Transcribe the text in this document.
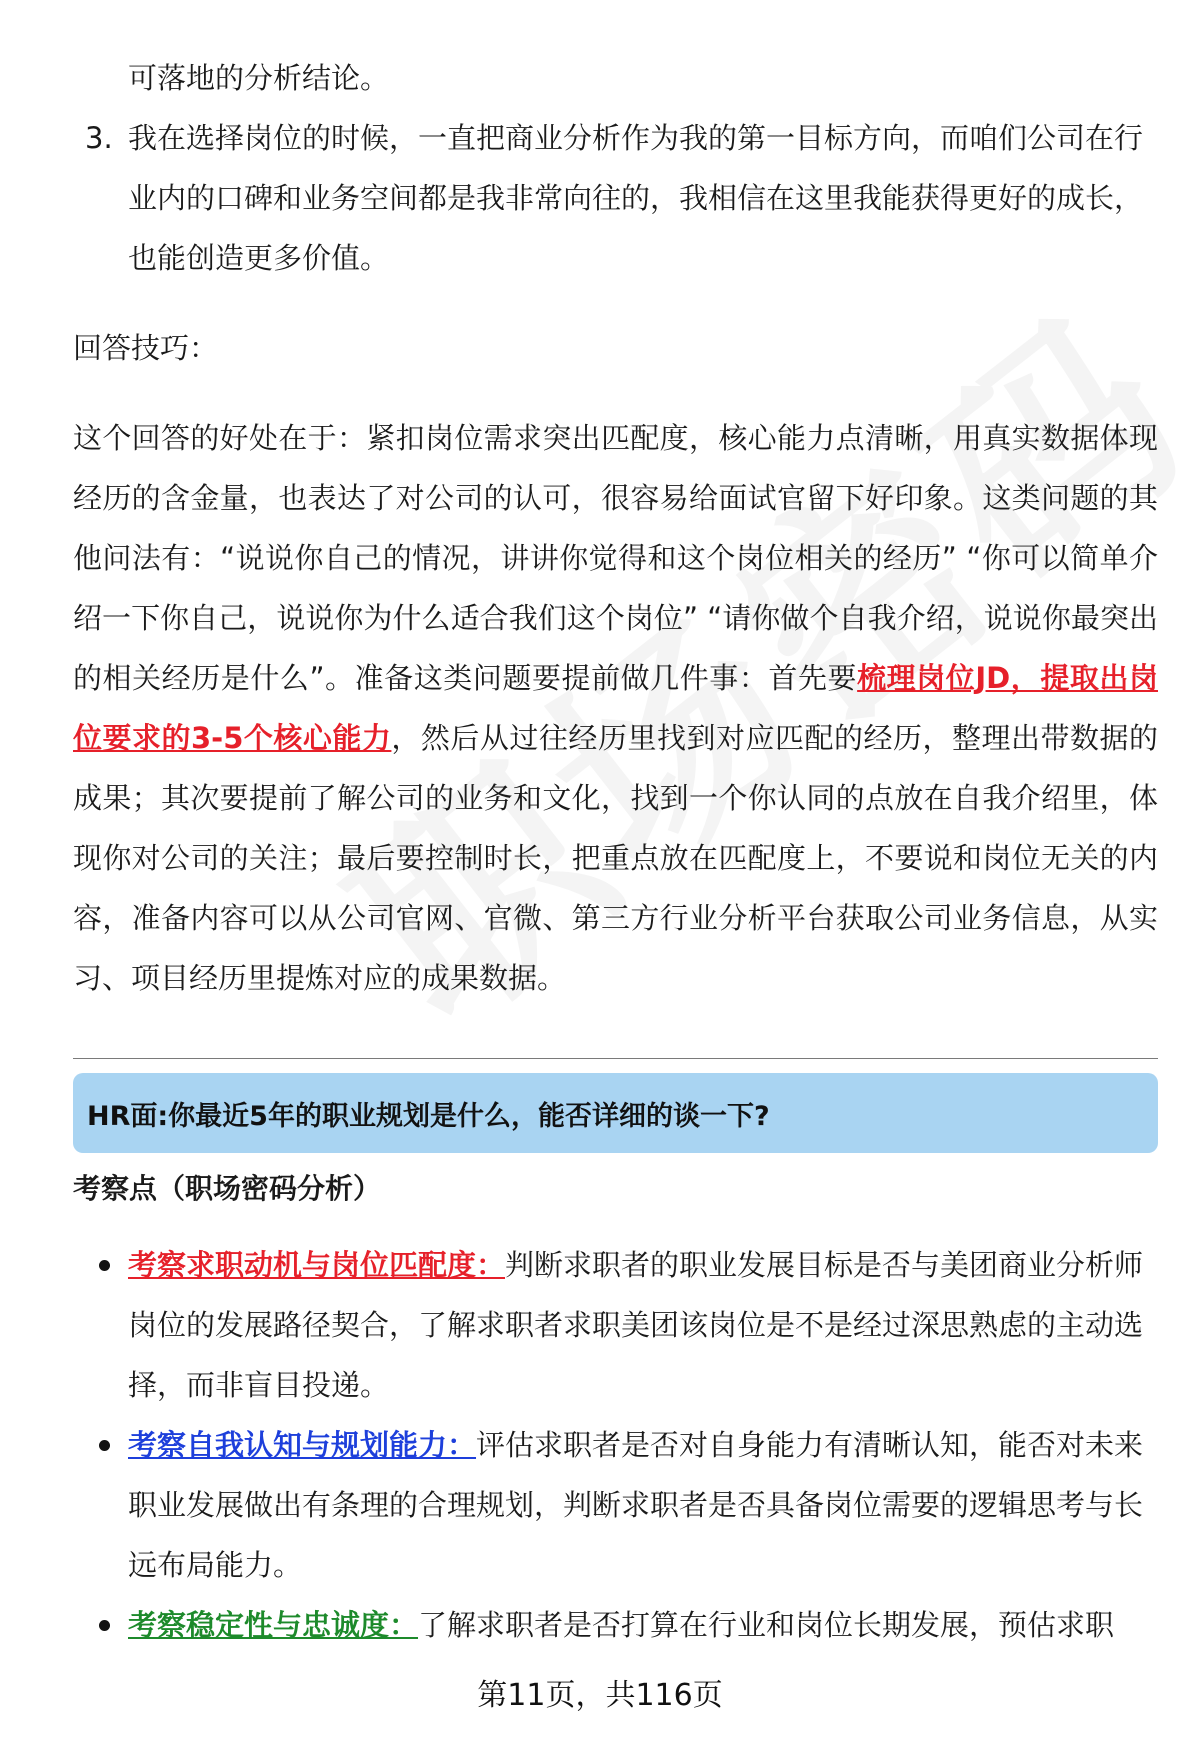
可落地的分析结论。

3. 我在选择岗位的时候，一直把商业分析作为我的第一目标方向，而咱们公司在行业内的口碑和业务空间都是我非常向往的，我相信在这里我能获得更好的成长，也能创造更多价值。
回答技巧：
这个回答的好处在于：紧扣岗位需求突出匹配度，核心能力点清晰，用真实数据体现经历的含金量，也表达了对公司的认可，很容易给面试官留下好印象。这类问题的其他问法有：“说说你自己的情况，讲讲你觉得和这个岗位相关的经历” “你可以简单介绍一下你自己，说说你为什么适合我们这个岗位” “请你做个自我介绍，说说你最突出的相关经历是什么”。准备这类问题要提前做几件事：首先要梳理岗位JD，提取出岗位要求的3-5个核心能力，然后从过往经历里找到对应匹配的经历，整理出带数据的成果；其次要提前了解公司的业务和文化，找到一个你认同的点放在自我介绍里，体现你对公司的关注；最后要控制时长，把重点放在匹配度上，不要说和岗位无关的内容，准备内容可以从公司官网、官微、第三方行业分析平台获取公司业务信息，从实习、项目经历里提炼对应的成果数据。
HR面:你最近5年的职业规划是什么，能否详细的谈一下?
考察点（职场密码分析）
考察求职动机与岗位匹配度：判断求职者的职业发展目标是否与美团商业分析师岗位的发展路径契合，了解求职者求职美团该岗位是不是经过深思熟虑的主动选择，而非盲目投递。
考察自我认知与规划能力：评估求职者是否对自身能力有清晰认知，能否对未来职业发展做出有条理的合理规划，判断求职者是否具备岗位需要的逻辑思考与长远布局能力。
考察稳定性与忠诚度：了解求职者是否打算在行业和岗位长期发展，预估求职
第11页，共116页
